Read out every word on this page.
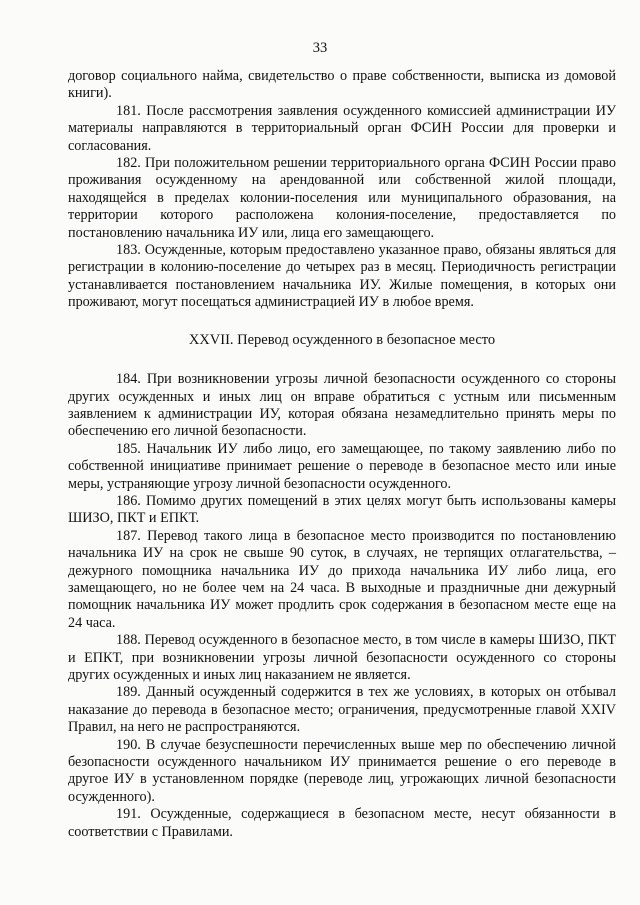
33

договор социального найма, свидетельство о праве собственности, выписка из домовой книги).

181. После рассмотрения заявления осужденного комиссией администрации ИУ материалы направляются в территориальный орган ФСИН России для проверки и согласования.

182. При положительном решении территориального органа ФСИН России право проживания осужденному на арендованной или собственной жилой площади, находящейся в пределах колонии-поселения или муниципального образования, на территории которого расположена колония-поселение, предоставляется по постановлению начальника ИУ или, лица его замещающего.

183. Осужденные, которым предоставлено указанное право, обязаны являться для регистрации в колонию-поселение до четырех раз в месяц. Периодичность регистрации устанавливается постановлением начальника ИУ. Жилые помещения, в которых они проживают, могут посещаться администрацией ИУ в любое время.

XXVII. Перевод осужденного в безопасное место

184. При возникновении угрозы личной безопасности осужденного со стороны других осужденных и иных лиц он вправе обратиться с устным или письменным заявлением к администрации ИУ, которая обязана незамедлительно принять меры по обеспечению его личной безопасности.

185. Начальник ИУ либо лицо, его замещающее, по такому заявлению либо по собственной инициативе принимает решение о переводе в безопасное место или иные меры, устраняющие угрозу личной безопасности осужденного.

186. Помимо других помещений в этих целях могут быть использованы камеры ШИЗО, ПКТ и ЕПКТ.

187. Перевод такого лица в безопасное место производится по постановлению начальника ИУ на срок не свыше 90 суток, в случаях, не терпящих отлагательства, – дежурного помощника начальника ИУ до прихода начальника ИУ либо лица, его замещающего, но не более чем на 24 часа. В выходные и праздничные дни дежурный помощник начальника ИУ может продлить срок содержания в безопасном месте еще на 24 часа.

188. Перевод осужденного в безопасное место, в том числе в камеры ШИЗО, ПКТ и ЕПКТ, при возникновении угрозы личной безопасности осужденного со стороны других осужденных и иных лиц наказанием не является.

189. Данный осужденный содержится в тех же условиях, в которых он отбывал наказание до перевода в безопасное место; ограничения, предусмотренные главой XXIV Правил, на него не распространяются.

190. В случае безуспешности перечисленных выше мер по обеспечению личной безопасности осужденного начальником ИУ принимается решение о его переводе в другое ИУ в установленном порядке (переводе лиц, угрожающих личной безопасности осужденного).

191. Осужденные, содержащиеся в безопасном месте, несут обязанности в соответствии с Правилами.
